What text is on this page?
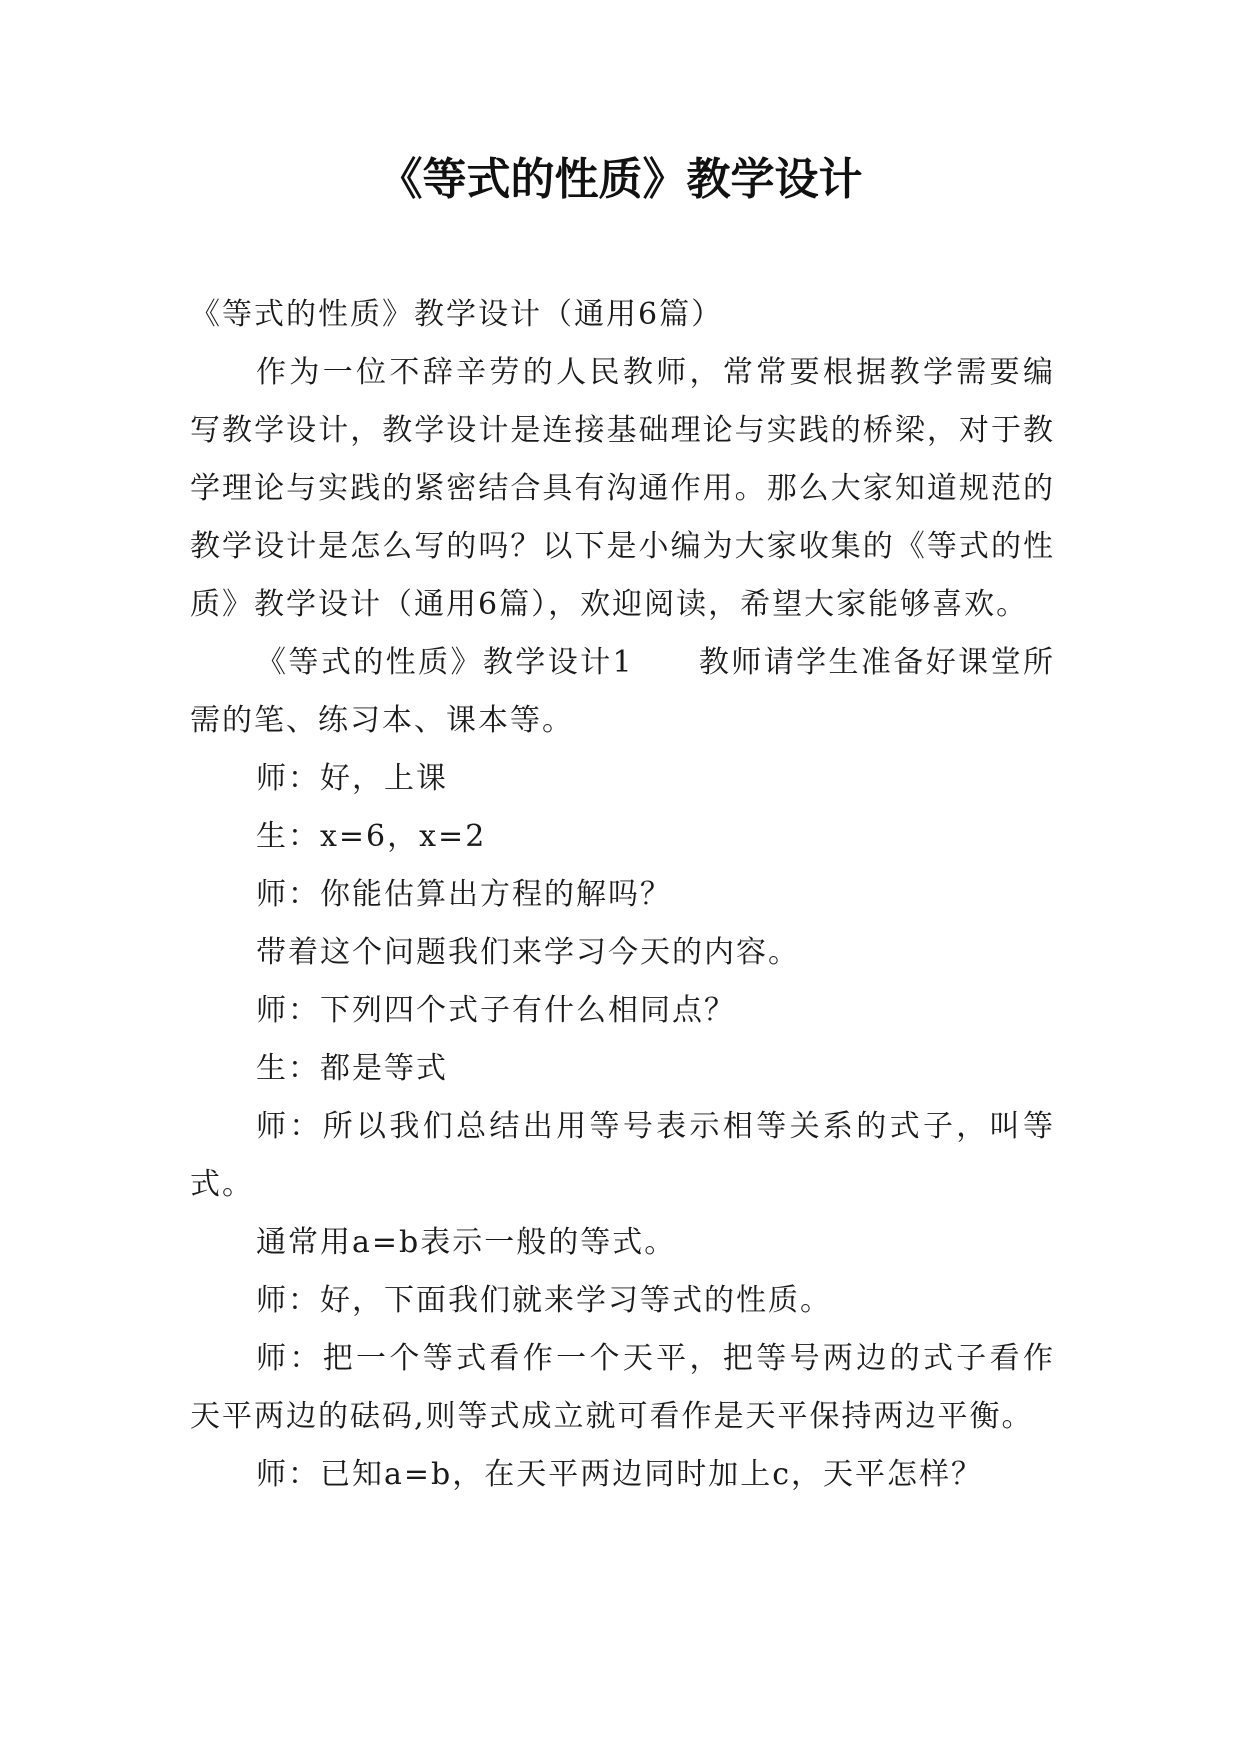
《等式的性质》教学设计

《等式的性质》教学设计（通用6篇）

作为一位不辞辛劳的人民教师，常常要根据教学需要编写教学设计，教学设计是连接基础理论与实践的桥梁，对于教学理论与实践的紧密结合具有沟通作用。那么大家知道规范的教学设计是怎么写的吗？以下是小编为大家收集的《等式的性质》教学设计（通用6篇），欢迎阅读，希望大家能够喜欢。

《等式的性质》教学设计1　　教师请学生准备好课堂所需的笔、练习本、课本等。

师：好，上课

生：x=6，x=2

师：你能估算出方程的解吗？

带着这个问题我们来学习今天的内容。

师：下列四个式子有什么相同点？

生：都是等式

师：所以我们总结出用等号表示相等关系的式子，叫等式。

通常用a=b表示一般的等式。

师：好，下面我们就来学习等式的性质。

师：把一个等式看作一个天平，把等号两边的式子看作天平两边的砝码,则等式成立就可看作是天平保持两边平衡。

师：已知a=b，在天平两边同时加上c，天平怎样？
